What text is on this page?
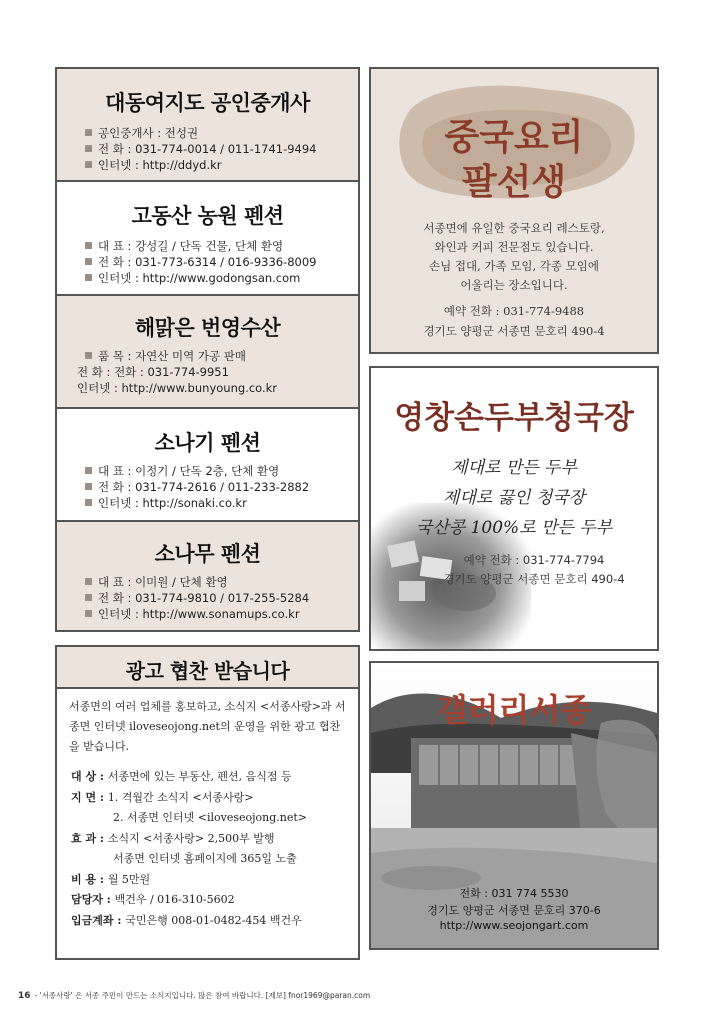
대동여지도 공인중개사
공인중개사 : 전성권
전 화 : 031-774-0014 / 011-1741-9494
인터넷 : http://ddyd.kr
고동산 농원 펜션
대 표 : 강성길 / 단독 건물, 단체 환영
전 화 : 031-773-6314 / 016-9336-8009
인터넷 : http://www.godongsan.com
해맑은 번영수산
품 목 : 자연산 미역 가공 판매
전 화 : 전화 : 031-774-9951
인터넷 : http://www.bunyoung.co.kr
소나기 펜션
대 표 : 이정기 / 단독 2층, 단체 환영
전 화 : 031-774-2616 / 011-233-2882
인터넷 : http://sonaki.co.kr
소나무 펜션
대 표 : 이미원 / 단체 환영
전 화 : 031-774-9810 / 017-255-5284
인터넷 : http://www.sonamups.co.kr
광고 협찬 받습니다
서종면의 여러 업체를 홍보하고, 소식지 <서종사랑>과 서종면 인터넷 iloveseojong.net의 운영을 위한 광고 협찬을 받습니다.
대 상 : 서종면에 있는 부동산, 펜션, 음식점 등
지 면 : 1. 격월간 소식지 <서종사랑>
2. 서종면 인터넷 <iloveseojong.net>
효 과 : 소식지 <서종사랑> 2,500부 발행
서종면 인터넷 홈페이지에 365일 노출
비 용 : 월 5만원
담당자 : 백건우 / 016-310-5602
입금계좌 : 국민은행 008-01-0482-454 백건우
중국요리
팔선생
서종면에 유일한 중국요리 레스토랑,
와인과 커피 전문점도 있습니다.
손님 접대, 가족 모임, 각종 모임에
어울리는 장소입니다.
예약 전화 : 031-774-9488
경기도 양평군 서종면 문호리 490-4
영창손두부청국장
제대로 만든 두부
제대로 끓인 청국장
국산콩 100%로 만든 두부
예약 전화 : 031-774-7794
경기도 양평군 서종면 문호리 490-4
갤러리서종
전화 : 031 774 5530
경기도 양평군 서종면 문호리 370-6
http://www.seojongart.com
16 - '서종사랑' 은 서종 주민이 만드는 소식지입니다. 많은 참여 바랍니다. [제보] fnor1969@paran.com
